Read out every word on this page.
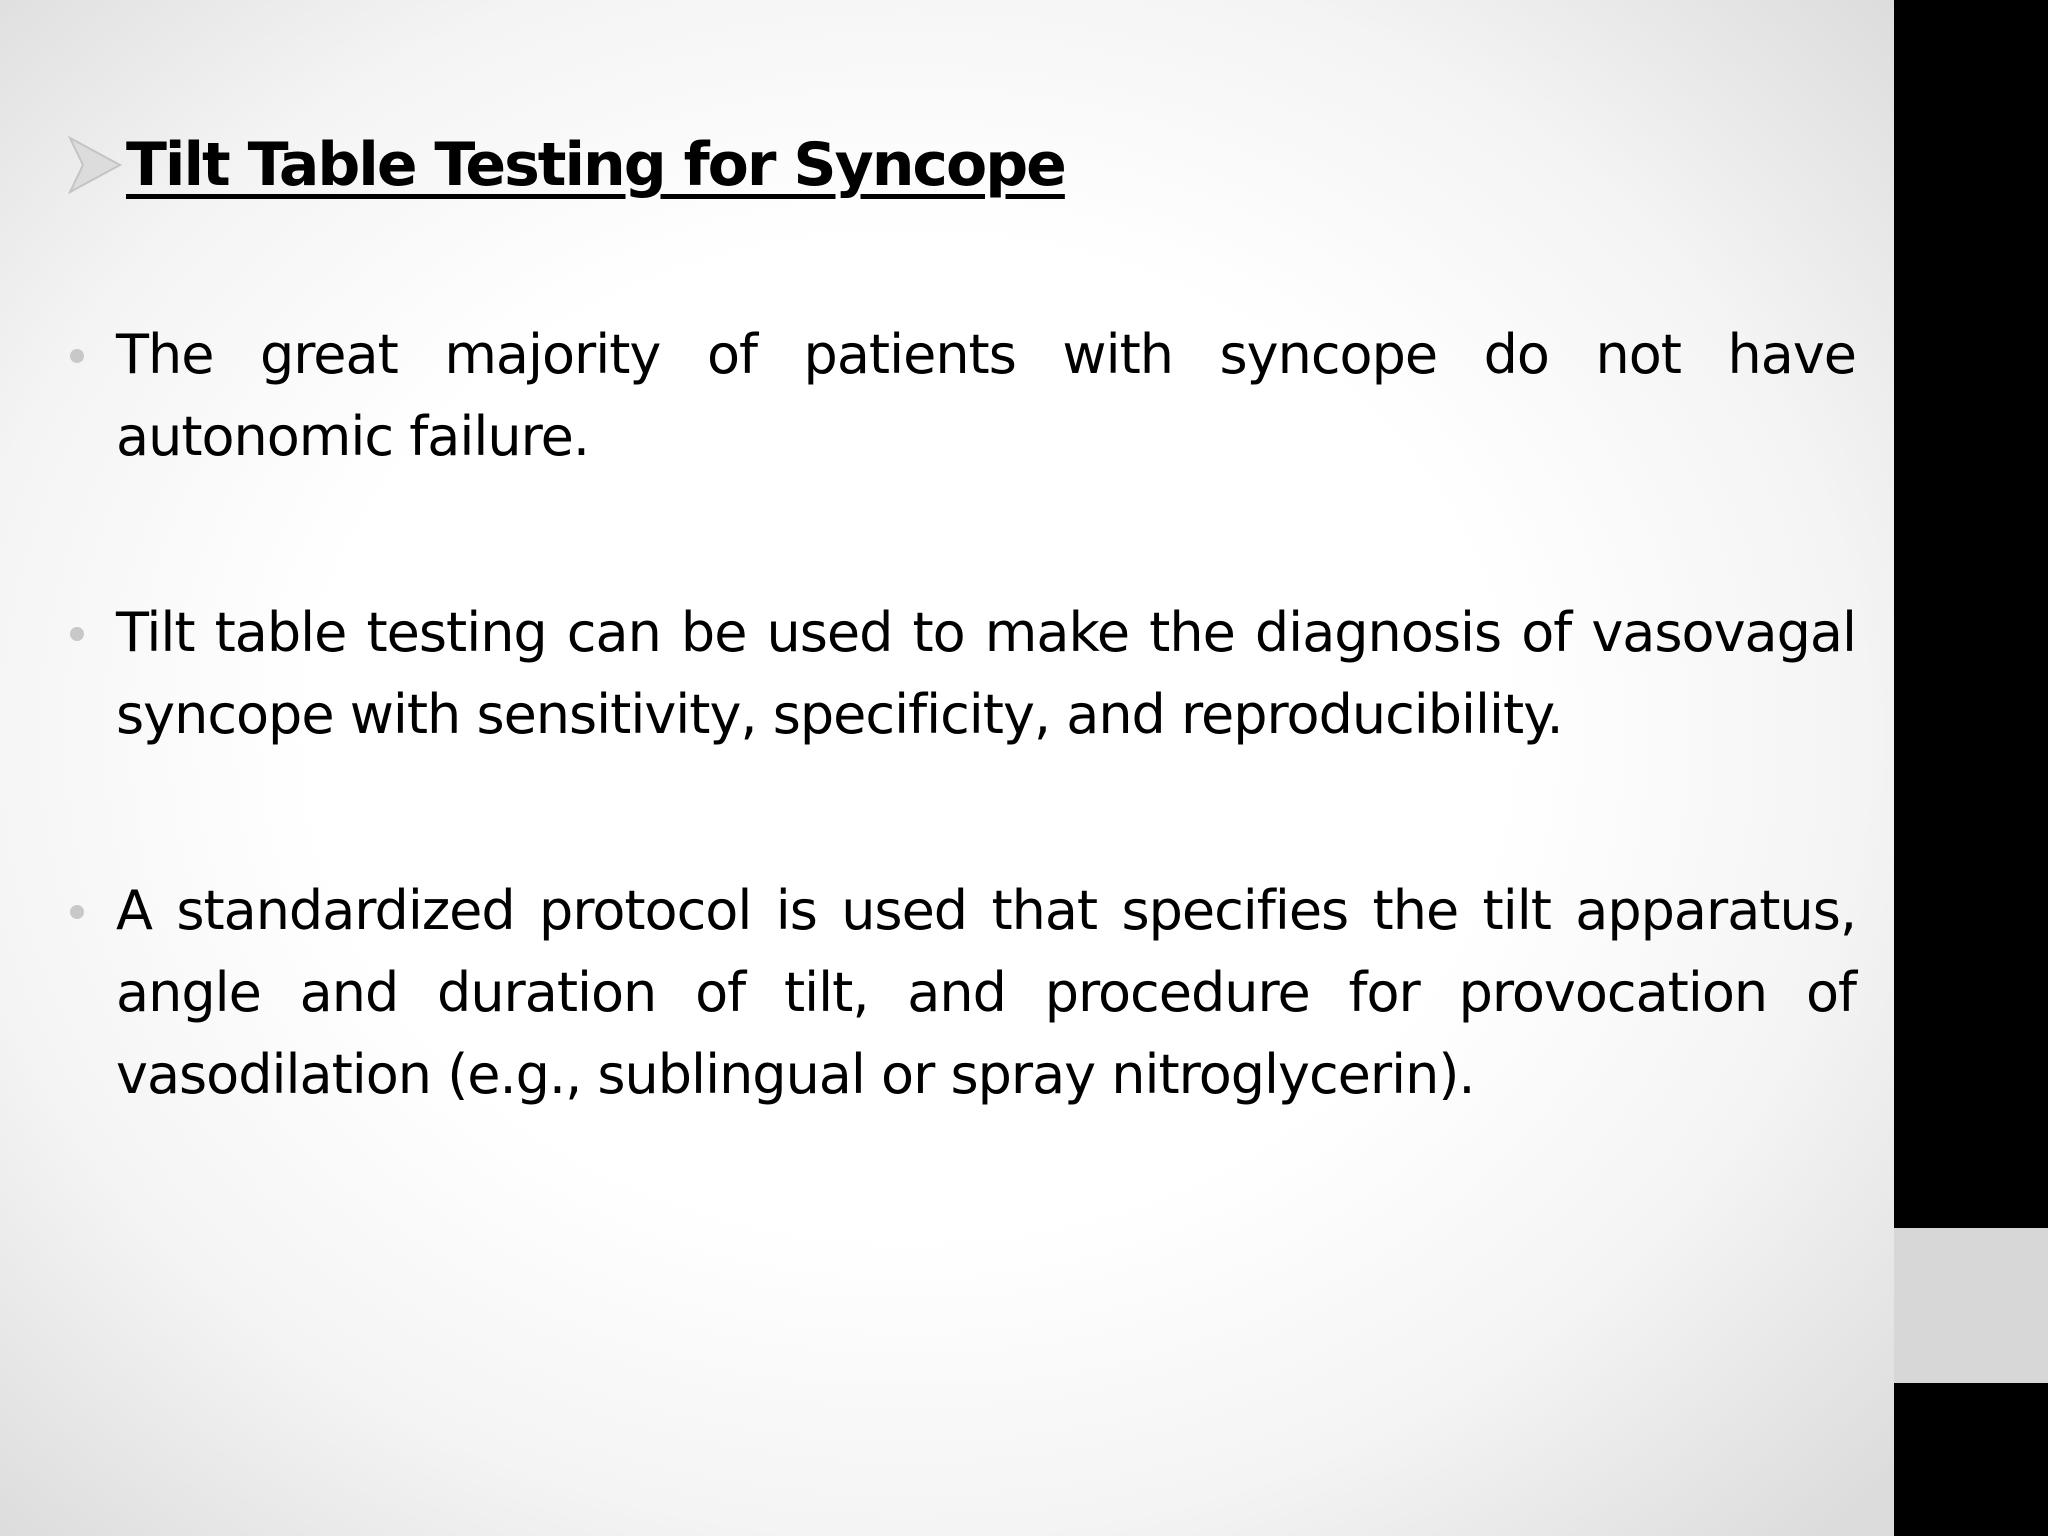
Tilt Table Testing for Syncope
The great majority of patients with syncope do not have autonomic failure.
Tilt table testing can be used to make the diagnosis of vasovagal syncope with sensitivity, specificity, and reproducibility.
A standardized protocol is used that specifies the tilt apparatus, angle and duration of tilt, and procedure for provocation of vasodilation (e.g., sublingual or spray nitroglycerin).
